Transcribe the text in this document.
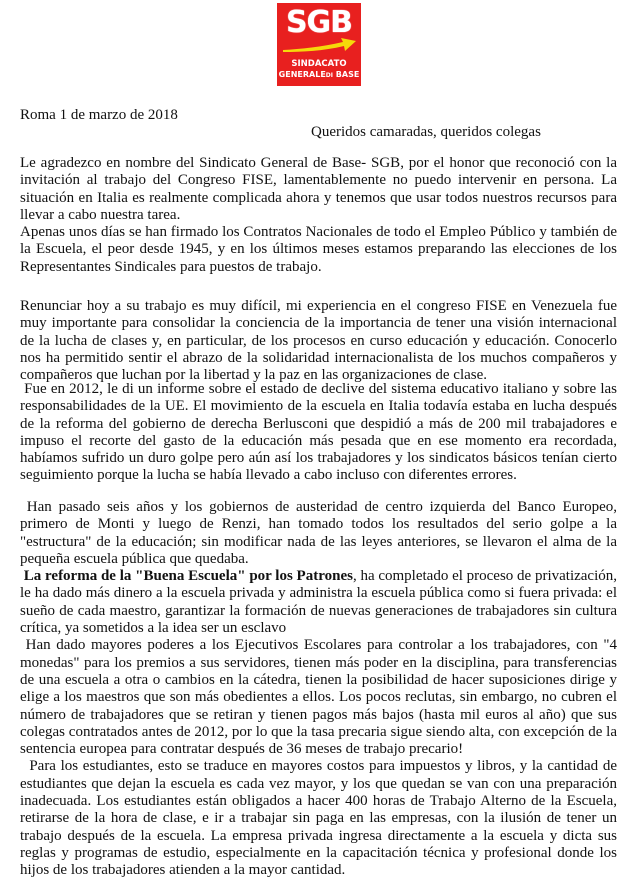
SGB
SINDACATO
GENERALEDI BASE
Roma 1 de marzo de 2018
Queridos camaradas, queridos colegas

Le agradezco en nombre del Sindicato General de Base- SGB, por el honor que reconoció con la invitación al trabajo del Congreso FISE, lamentablemente no puedo intervenir en persona. La situación en Italia es realmente complicada ahora y tenemos que usar todos nuestros recursos para llevar a cabo nuestra tarea.

Apenas unos días se han firmado los Contratos Nacionales de todo el Empleo Público y también de la Escuela, el peor desde 1945, y en los últimos meses estamos preparando las elecciones de los Representantes Sindicales para puestos de trabajo.

Renunciar hoy a su trabajo es muy difícil, mi experiencia en el congreso FISE en Venezuela fue muy importante para consolidar la conciencia de la importancia de tener una visión internacional de la lucha de clases y, en particular, de los procesos en curso educación y educación. Conocerlo nos ha permitido sentir el abrazo de la solidaridad internacionalista de los muchos compañeros y compañeros que luchan por la libertad y la paz en las organizaciones de clase.

Fue en 2012, le di un informe sobre el estado de declive del sistema educativo italiano y sobre las responsabilidades de la UE. El movimiento de la escuela en Italia todavía estaba en lucha después de la reforma del gobierno de derecha Berlusconi que despidió a más de 200 mil trabajadores e impuso el recorte del gasto de la educación más pesada que en ese momento era recordada, habíamos sufrido un duro golpe pero aún así los trabajadores y los sindicatos básicos tenían cierto seguimiento porque la lucha se había llevado a cabo incluso con diferentes errores.

Han pasado seis años y los gobiernos de austeridad de centro izquierda del Banco Europeo, primero de Monti y luego de Renzi, han tomado todos los resultados del serio golpe a la "estructura" de la educación; sin modificar nada de las leyes anteriores, se llevaron el alma de la pequeña escuela pública que quedaba.

La reforma de la "Buena Escuela" por los Patrones, ha completado el proceso de privatización, le ha dado más dinero a la escuela privada y administra la escuela pública como si fuera privada: el sueño de cada maestro, garantizar la formación de nuevas generaciones de trabajadores sin cultura crítica, ya sometidos a la idea ser un esclavo

Han dado mayores poderes a los Ejecutivos Escolares para controlar a los trabajadores, con "4 monedas" para los premios a sus servidores, tienen más poder en la disciplina, para transferencias de una escuela a otra o cambios en la cátedra, tienen la posibilidad de hacer suposiciones dirige y elige a los maestros que son más obedientes a ellos. Los pocos reclutas, sin embargo, no cubren el número de trabajadores que se retiran y tienen pagos más bajos (hasta mil euros al año) que sus colegas contratados antes de 2012, por lo que la tasa precaria sigue siendo alta, con excepción de la sentencia europea para contratar después de 36 meses de trabajo precario!

Para los estudiantes, esto se traduce en mayores costos para impuestos y libros, y la cantidad de estudiantes que dejan la escuela es cada vez mayor, y los que quedan se van con una preparación inadecuada. Los estudiantes están obligados a hacer 400 horas de Trabajo Alterno de la Escuela, retirarse de la hora de clase, e ir a trabajar sin paga en las empresas, con la ilusión de tener un trabajo después de la escuela. La empresa privada ingresa directamente a la escuela y dicta sus reglas y programas de estudio, especialmente en la capacitación técnica y profesional donde los hijos de los trabajadores atienden a la mayor cantidad.
